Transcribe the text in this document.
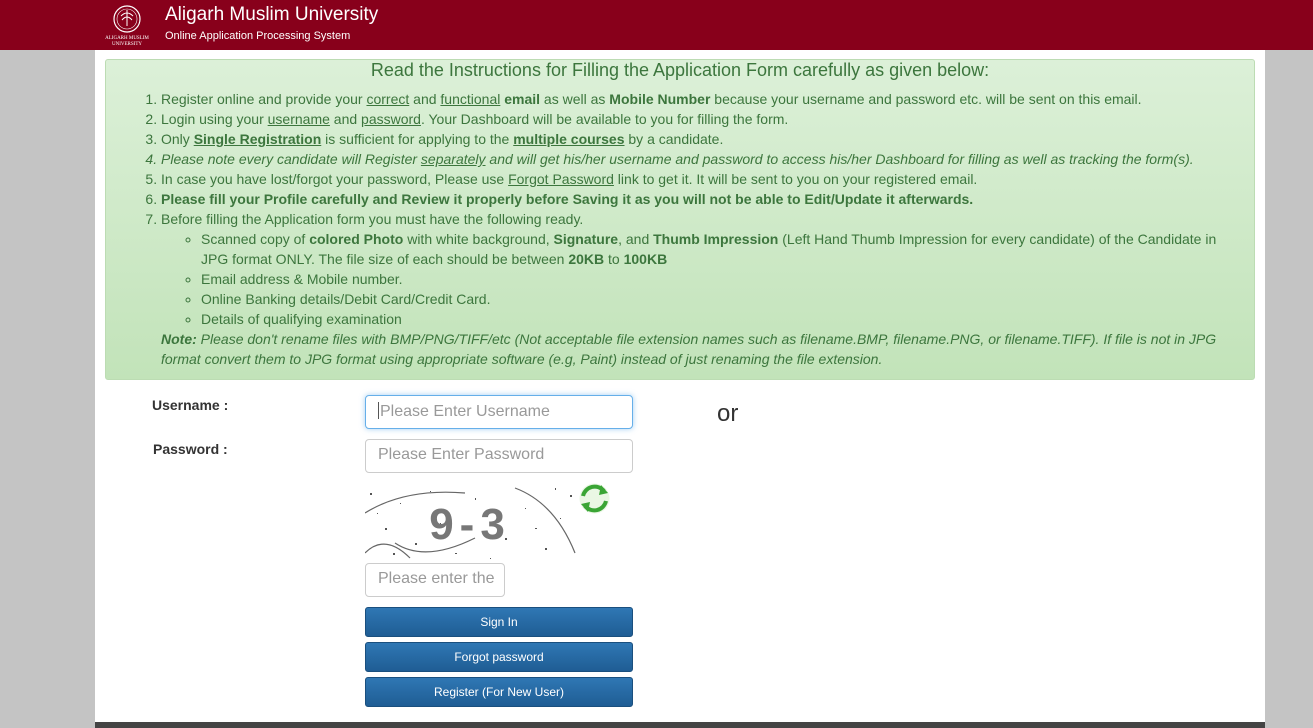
ALIGARH MUSLIM
UNIVERSITY
Aligarh Muslim University
Online Application Processing System
Read the Instructions for Filling the Application Form carefully as given below:
1. Register online and provide your correct and functional email as well as Mobile Number because your username and password etc. will be sent on this email.
2. Login using your username and password. Your Dashboard will be available to you for filling the form.
3. Only Single Registration is sufficient for applying to the multiple courses by a candidate.
4. Please note every candidate will Register separately and will get his/her username and password to access his/her Dashboard for filling as well as tracking the form(s).
5. In case you have lost/forgot your password, Please use Forgot Password link to get it. It will be sent to you on your registered email.
6. Please fill your Profile carefully and Review it properly before Saving it as you will not be able to Edit/Update it afterwards.
7. Before filling the Application form you must have the following ready.
◦ Scanned copy of colored Photo with white background, Signature, and Thumb Impression (Left Hand Thumb Impression for every candidate) of the Candidate in JPG format ONLY. The file size of each should be between 20KB to 100KB
◦ Email address & Mobile number.
◦ Online Banking details/Debit Card/Credit Card.
◦ Details of qualifying examination
Note: Please don't rename files with BMP/PNG/TIFF/etc (Not acceptable file extension names such as filename.BMP, filename.PNG, or filename.TIFF). If file is not in JPG format convert them to JPG format using appropriate software (e.g, Paint) instead of just renaming the file extension.
Username :	Please Enter Username
Password :	Please Enter Password
9-3
Please enter the
Sign In
Forgot password
Register (For New User)
or
